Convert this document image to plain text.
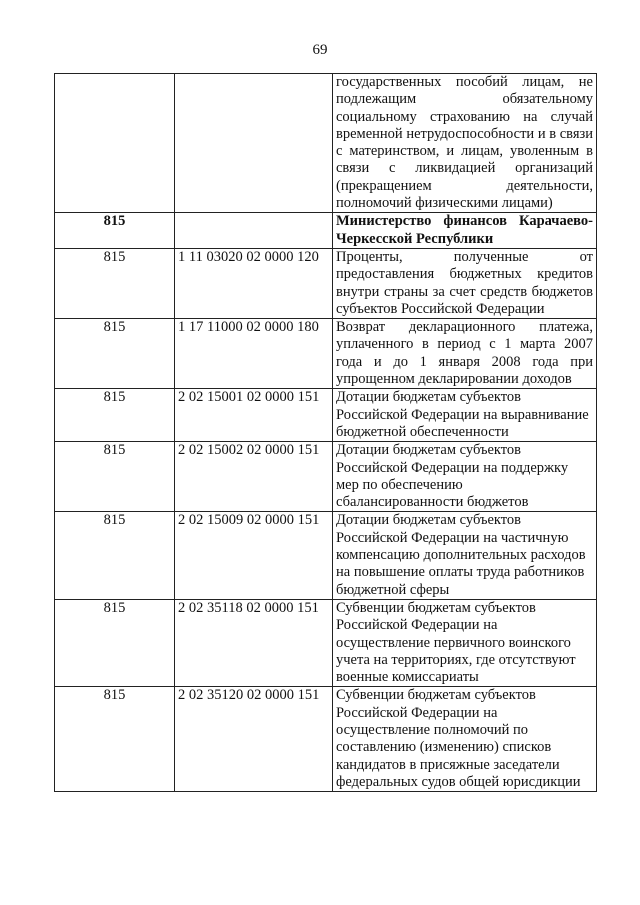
69
		государственных пособий лицам, не подлежащим обязательному социальному страхованию на случай временной нетрудоспособности и в связи с материнством, и лицам, уволенным в связи с ликвидацией организаций (прекращением деятельности, полномочий физическими лицами)
815		Министерство финансов Карачаево-Черкесской Республики
815	1 11 03020 02 0000 120	Проценты, полученные от предоставления бюджетных кредитов внутри страны за счет средств бюджетов субъектов Российской Федерации
815	1 17 11000 02 0000 180	Возврат декларационного платежа, уплаченного в период с 1 марта 2007 года и до 1 января 2008 года при упрощенном декларировании доходов
815	2 02 15001 02 0000 151	Дотации бюджетам субъектов Российской Федерации на выравнивание бюджетной обеспеченности
815	2 02 15002 02 0000 151	Дотации бюджетам субъектов Российской Федерации на поддержку мер по обеспечению сбалансированности бюджетов
815	2 02 15009 02 0000 151	Дотации бюджетам субъектов Российской Федерации на частичную компенсацию дополнительных расходов на повышение оплаты труда работников бюджетной сферы
815	2 02 35118 02 0000 151	Субвенции бюджетам субъектов Российской Федерации на осуществление первичного воинского учета на территориях, где отсутствуют военные комиссариаты
815	2 02 35120 02 0000 151	Субвенции бюджетам субъектов Российской Федерации на осуществление полномочий по составлению (изменению) списков кандидатов в присяжные заседатели федеральных судов общей юрисдикции
